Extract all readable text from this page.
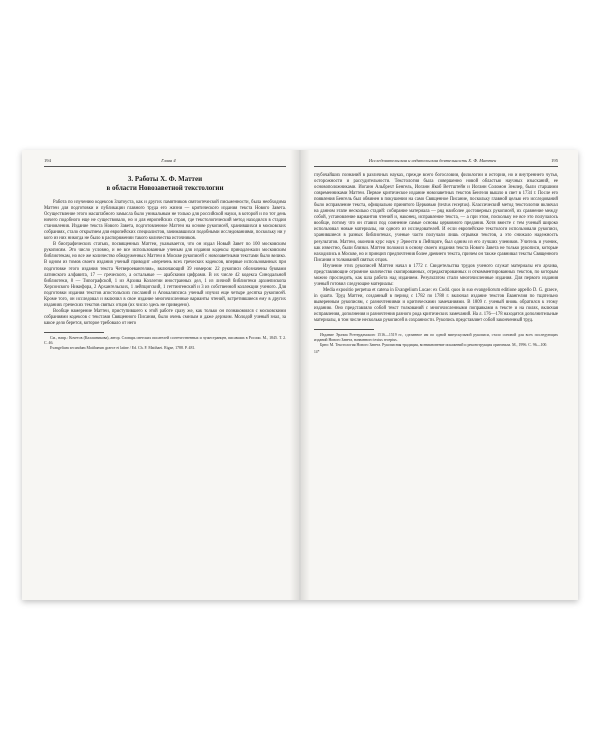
194	Глава 4
3. Работы Х. Ф. Маттеи
в области Новозаветной текстологии

Работа по изучению кодексов Златоуста, как и других памятников святоотеческой письменности, была необходима Маттеи для подготовки и публикации главного труда его жизни — критического издания текста Нового Завета. Осуществление этого масштабного замысла было уникальным не только для российской науки, в которой и по тот день ничего подобного еще не существовало, но и для европейских стран, где текстологический метод находился в стадии становления. Издание текста Нового Завета, подготовленное Маттеи на основе рукописей, хранившихся в московских собраниях, стало открытием для европейских специалистов, занимавшихся подобными исследованиями, поскольку ни у кого из них никогда не было в распоряжении такого количества источников.

В биографических статьях, посвященных Маттеи, указывается, что он издал Новый Завет по 100 московским рукописям. Это число условно, и не все использованные ученым для издания кодексы принадлежали московским библиотекам, но все же количество обнаруженных Маттеи в Москве рукописей с новозаветными текстами было велико. В одном из томов своего издания ученый приводит «перечень всех греческих кодексов, впервые использованных при подготовке этого издания текста Четвероевангелия», включающий 39 номеров: 22 рукописи обозначены буквами латинского алфавита, 17 — греческого, а остальные — арабскими цифрами. В их числе 42 кодекса Синодальной библиотеки, 8 — Типографской, 1 из Архива Коллегии иностранных дел, 1 из личной библиотеки архиепископа Херсонского Никифора, 2 Архангельских, 1 лейпцигский, 1 геттингенский и 3 из собственной коллекции ученого. Для подготовки издания текстов апостольских посланий и Апокалипсиса ученый изучил еще четыре десятка рукописей. Кроме того, он исследовал и включил в свое издание многочисленные варианты чтений, встретившиеся ему в других изданиях греческих текстов святых отцов (их число здесь не приведено).

Вообще намерение Маттеи, приступившего к этой работе сразу же, как только он познакомился с московскими собраниями кодексов с текстами Священного Писания, было очень смелым и даже дерзким. Молодой ученый знал, за какое дело берется, которое требовало от него

См., напр.: Кочетов (Калашникова), автор. Словарь светских писателей соотечественных и чужестранцев, писавших в России. М., 1845. Т. 2. С. 46.

Evangelium secundum Matthaeum graece et latine / Ed. Ch. F. Matthaei. Rigae, 1788. P. 481.

Исследовательская и издательская деятельность Х. Ф. Маттеи	195

глубочайших познаний в различных науках, прежде всего богословии, филологии и истории, но и внутреннего чутья, осторожности и рассудительности. Текстология была совершенно новой областью научных изысканий, ее основоположниками. Иоганн Альбрехт Бенгель, Иоганн Якоб Веттштейн и Иоганн Соломон Землер, были старшими современниками Маттеи. Первое критическое издание новозаветных текстов Бенгеля вышло в свет в 1734 г. После его появления Бенгель был обвинен в покушении на само Священное Писание, поскольку главной целью его исследований было исправление текста, официально принятого Церковью (textus receptus). Классический метод текстологии включал на данном этапе несколько стадий: собирание материала — ряд наиболее достоверных рукописей, их сравнение между собой, установление вариантов чтений и, наконец, исправление текста, — а при этом, поскольку не все это получалось вообще, потому что он ставил под сомнение самые основы церковного предания. Хотя вместе с тем ученый широко использовал новые материалы, ни одного из исследователей. И если европейские текстологи использовали рукописи, хранившиеся в разных библиотеках, ученые часто получали лишь отрывки текстов, а это снижало надежность результатов. Маттеи, окончив курс наук у Эрнести в Лейпциге, был одним из его лучших учеников. Учитель и ученик, как известно, были близки. Маттеи положил в основу своего издания текста Нового Завета не только рукописи, которые находились в Москве, но и принцип предпочтения более древнего текста, причем он также сравнивал тексты Священного Писания и толкований святых отцов.

Изучение этих рукописей Маттеи начал в 1772 г. Свидетельства трудов ученого служат материалы его архива, представляющие огромное количество скопированных, отредактированных и откомментированных текстов, по которым можно проследить, как шла работа над изданием. Результатом стали многочисленные издания. Для первого издания ученый готовил следующие материалы:

Media expositio perpetua et catena in Evangelium Lucae: ex Codd. quos in suo evangeliorum editione appello D. G. graece, in quarto. Труд Маттеи, созданный в период с 1782 по 1788 г. включал издание текстов Евангелия по тщательно выверенным рукописям, с разночтениями и критическими замечаниями. В 1809 г. ученый вновь обратился к этому изданию. Оно представляло собой текст толкований с многочисленными поправками в тексте и на полях, включая исправления, дополнения и разночтения разного рода критических замечаний. На л. 176—178 находятся дополнительные материалы, в том числе несколько рукописей в сохранности. Рукопись представляет собой законченный труд.

Издание Эразма Роттердамского 1516—1519 гг., сделанное им по одной минускульной рукописи, стало основой для всех последующих изданий Нового Завета, названного textus receptus.

Брюс М. Текстология Нового Завета. Рукописная традиция, возникновение искажений и реконструкция оригинала. М., 1996. С. 96—100.

14*
